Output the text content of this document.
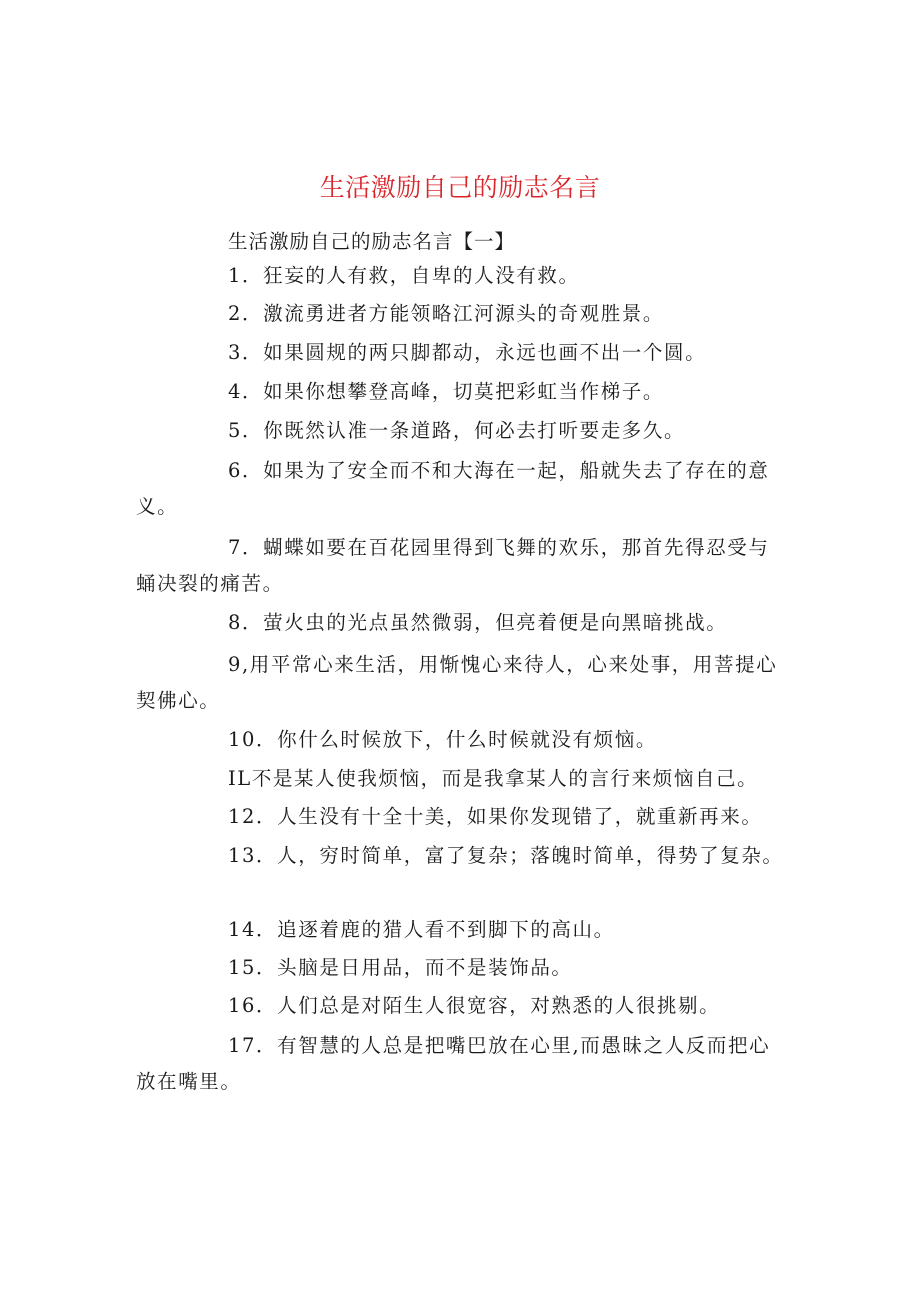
生活激励自己的励志名言
生活激励自己的励志名言【一】

1．狂妄的人有救，自卑的人没有救。

2．激流勇进者方能领略江河源头的奇观胜景。

3．如果圆规的两只脚都动，永远也画不出一个圆。

4．如果你想攀登高峰，切莫把彩虹当作梯子。

5．你既然认准一条道路，何必去打听要走多久。

6．如果为了安全而不和大海在一起，船就失去了存在的意义。

7．蝴蝶如要在百花园里得到飞舞的欢乐，那首先得忍受与蛹决裂的痛苦。

8．萤火虫的光点虽然微弱，但亮着便是向黑暗挑战。

9,用平常心来生活，用惭愧心来待人，心来处事，用菩提心契佛心。

10．你什么时候放下，什么时候就没有烦恼。

IL不是某人使我烦恼，而是我拿某人的言行来烦恼自己。

12．人生没有十全十美，如果你发现错了，就重新再来。

13．人，穷时简单，富了复杂；落魄时简单，得势了复杂。

14．追逐着鹿的猎人看不到脚下的高山。

15．头脑是日用品，而不是装饰品。

16．人们总是对陌生人很宽容，对熟悉的人很挑剔。

17．有智慧的人总是把嘴巴放在心里,而愚昧之人反而把心放在嘴里。
